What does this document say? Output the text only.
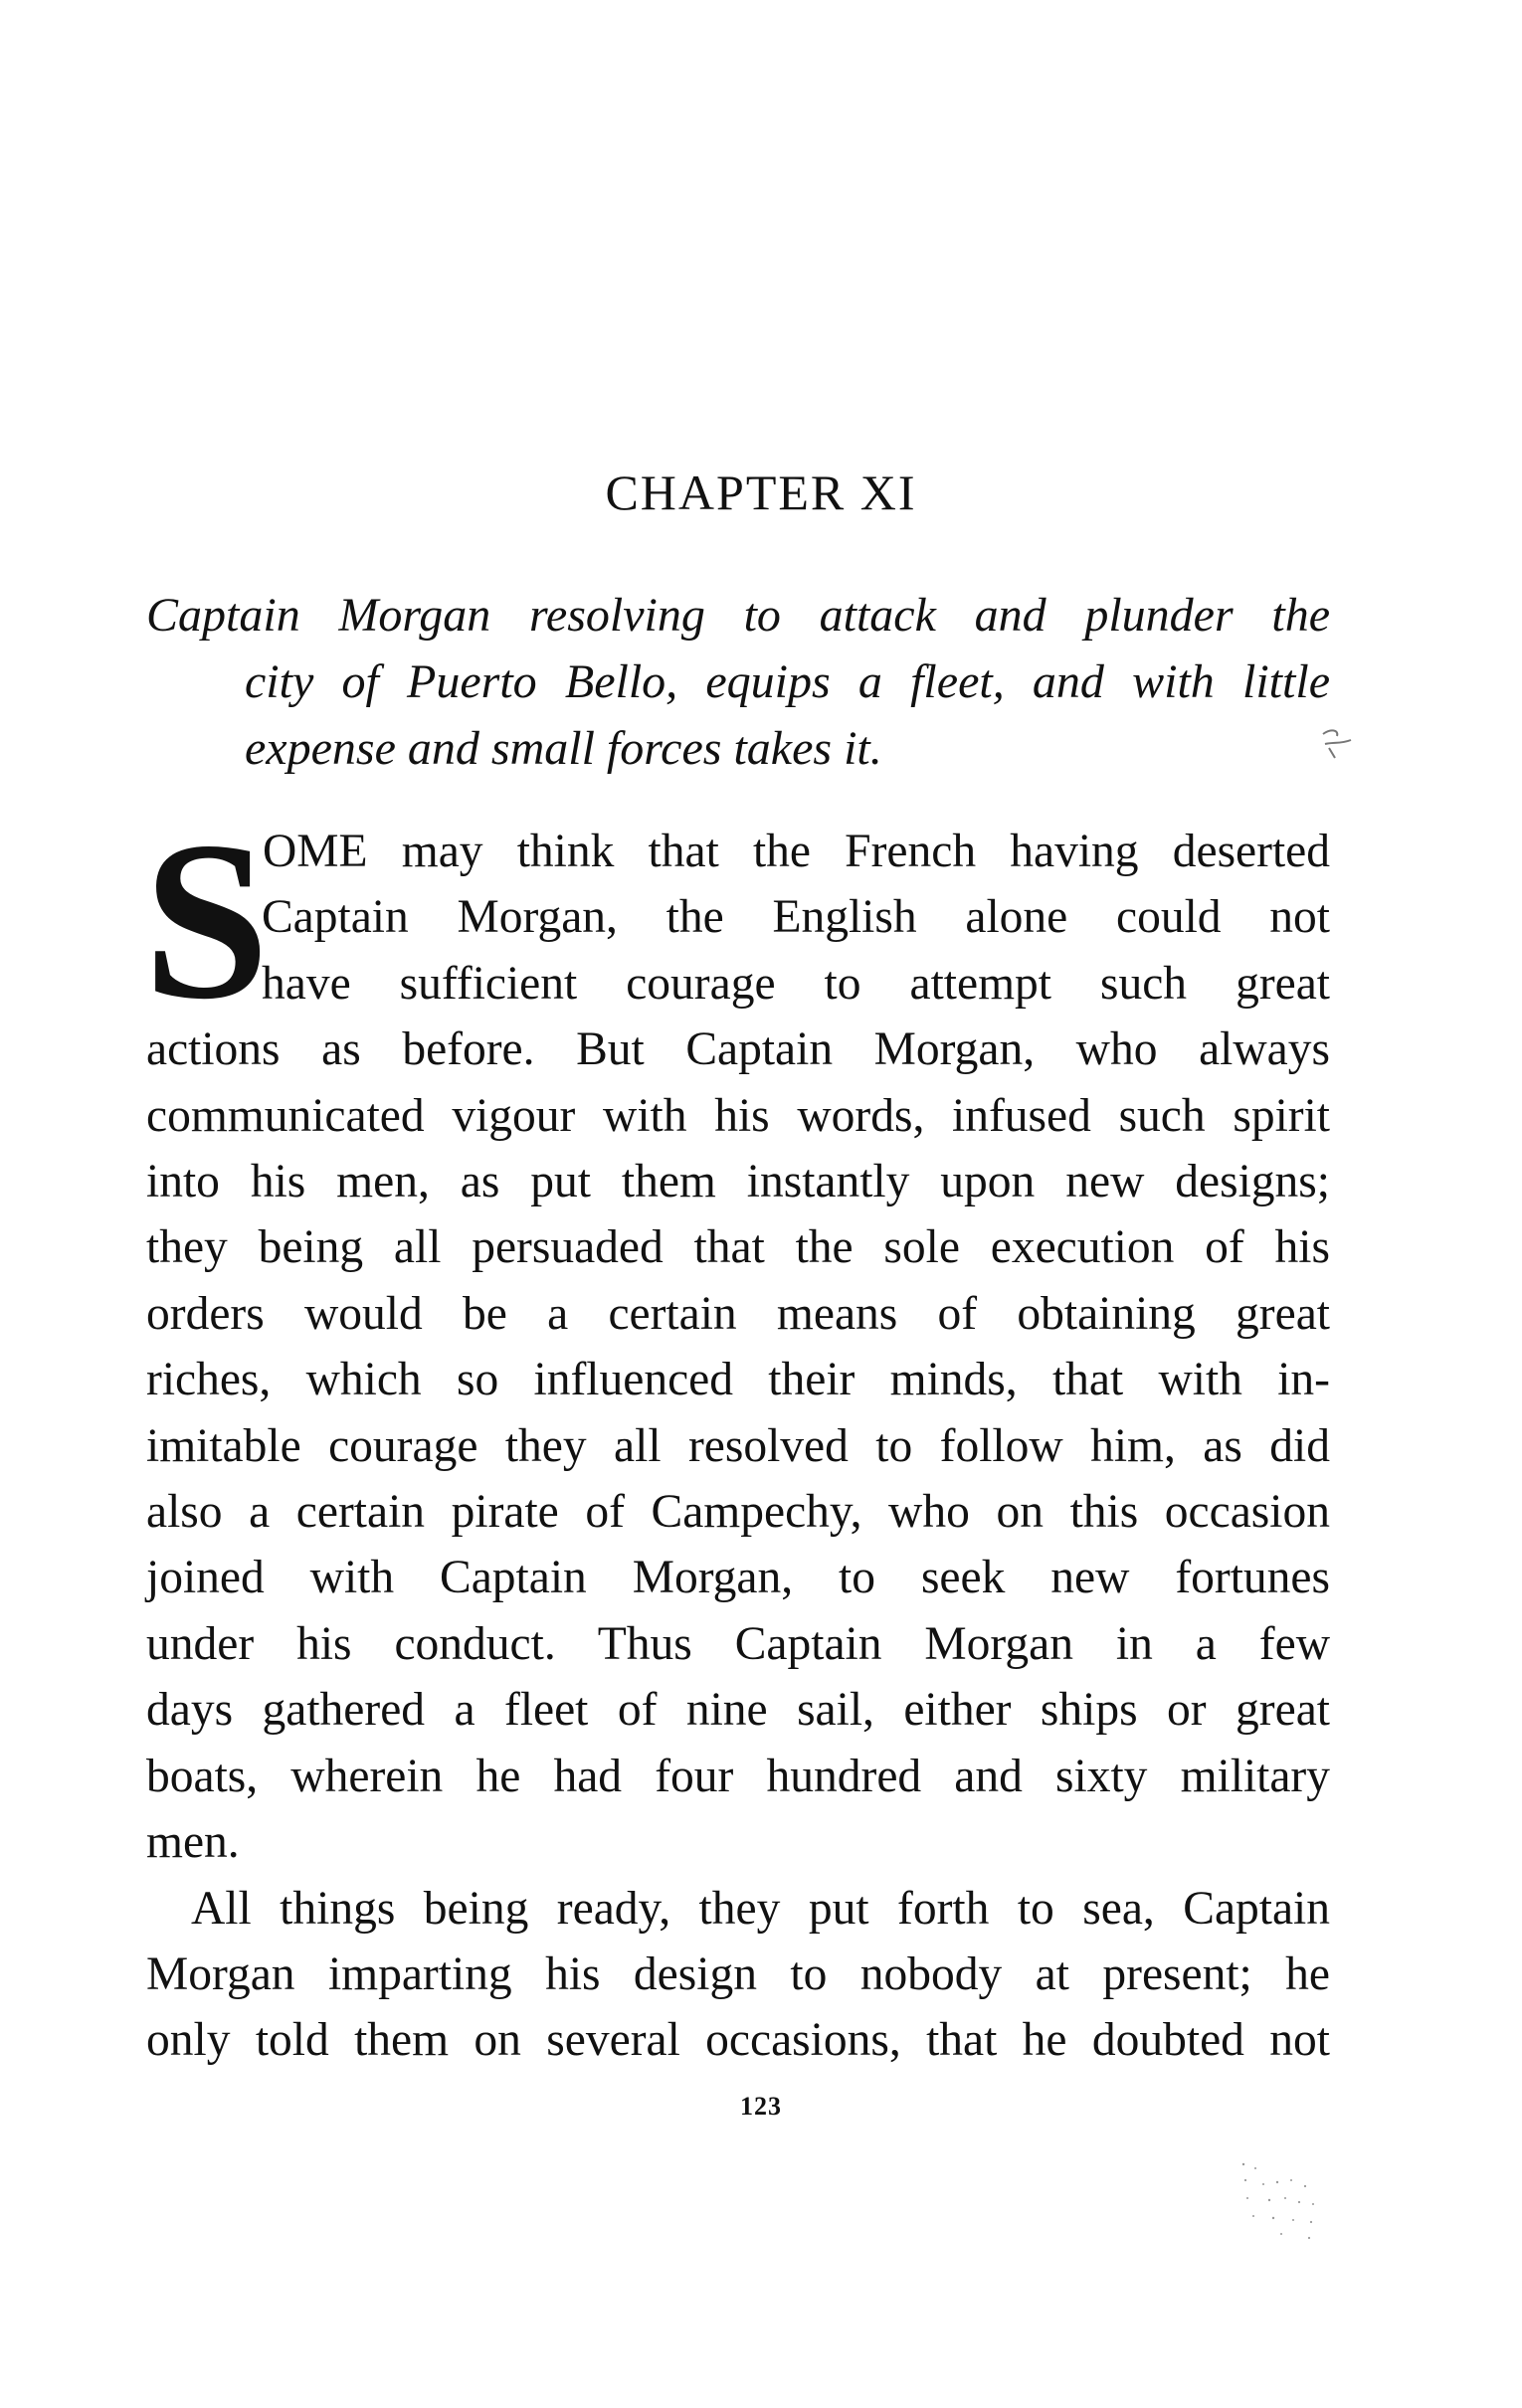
CHAPTER XI
Captain Morgan resolving to attack and plunder the
city of Puerto Bello, equips a fleet, and with little
expense and small forces takes it.
S
OME may think that the French having deserted
Captain Morgan, the English alone could not
have sufficient courage to attempt such great
actions as before. But Captain Morgan, who always
communicated vigour with his words, infused such spirit
into his men, as put them instantly upon new designs;
they being all persuaded that the sole execution of his
orders would be a certain means of obtaining great
riches, which so influenced their minds, that with in-
imitable courage they all resolved to follow him, as did
also a certain pirate of Campechy, who on this occasion
joined with Captain Morgan, to seek new fortunes
under his conduct. Thus Captain Morgan in a few
days gathered a fleet of nine sail, either ships or great
boats, wherein he had four hundred and sixty military
men.
All things being ready, they put forth to sea, Captain
Morgan imparting his design to nobody at present; he
only told them on several occasions, that he doubted not
123
